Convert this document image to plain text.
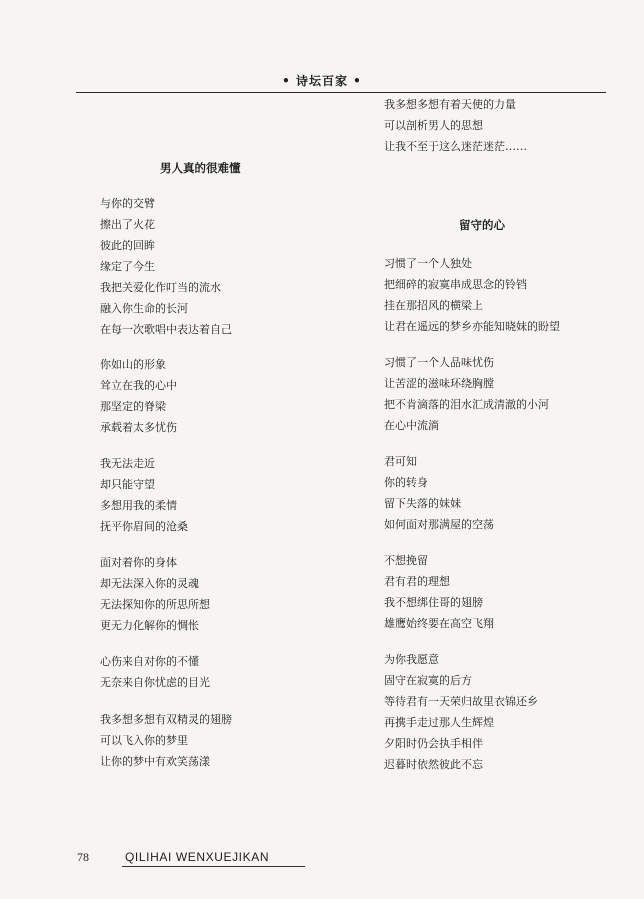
• 诗坛百家 •
我多想多想有着天使的力量
可以剖析男人的思想
让我不至于这么迷茫迷茫……
男人真的很难懂
与你的交臂
擦出了火花
彼此的回眸
缘定了今生
我把关爱化作叮当的流水
融入你生命的长河
在每一次歌唱中表达着自己
你如山的形象
耸立在我的心中
那坚定的脊梁
承载着太多忧伤
我无法走近
却只能守望
多想用我的柔情
抚平你眉间的沧桑
面对着你的身体
却无法深入你的灵魂
无法探知你的所思所想
更无力化解你的惆怅
心伤来自对你的不懂
无奈来自你忧虑的目光
我多想多想有双精灵的翅膀
可以飞入你的梦里
让你的梦中有欢笑荡漾
留守的心
习惯了一个人独处
把细碎的寂寞串成思念的铃铛
挂在那招风的横梁上
让君在遥远的梦乡亦能知晓妹的盼望
习惯了一个人品味忧伤
让苦涩的滋味环绕胸膛
把不肯滴落的泪水汇成清澈的小河
在心中流淌
君可知
你的转身
留下失落的妹妹
如何面对那满屋的空荡
不想挽留
君有君的理想
我不想绑住哥的翅膀
雄鹰始终要在高空飞翔
为你我愿意
固守在寂寞的后方
等待君有一天荣归故里衣锦还乡
再携手走过那人生辉煌
夕阳时仍会执手相伴
迟暮时依然彼此不忘
78	QILIHAI WENXUEJIKAN
